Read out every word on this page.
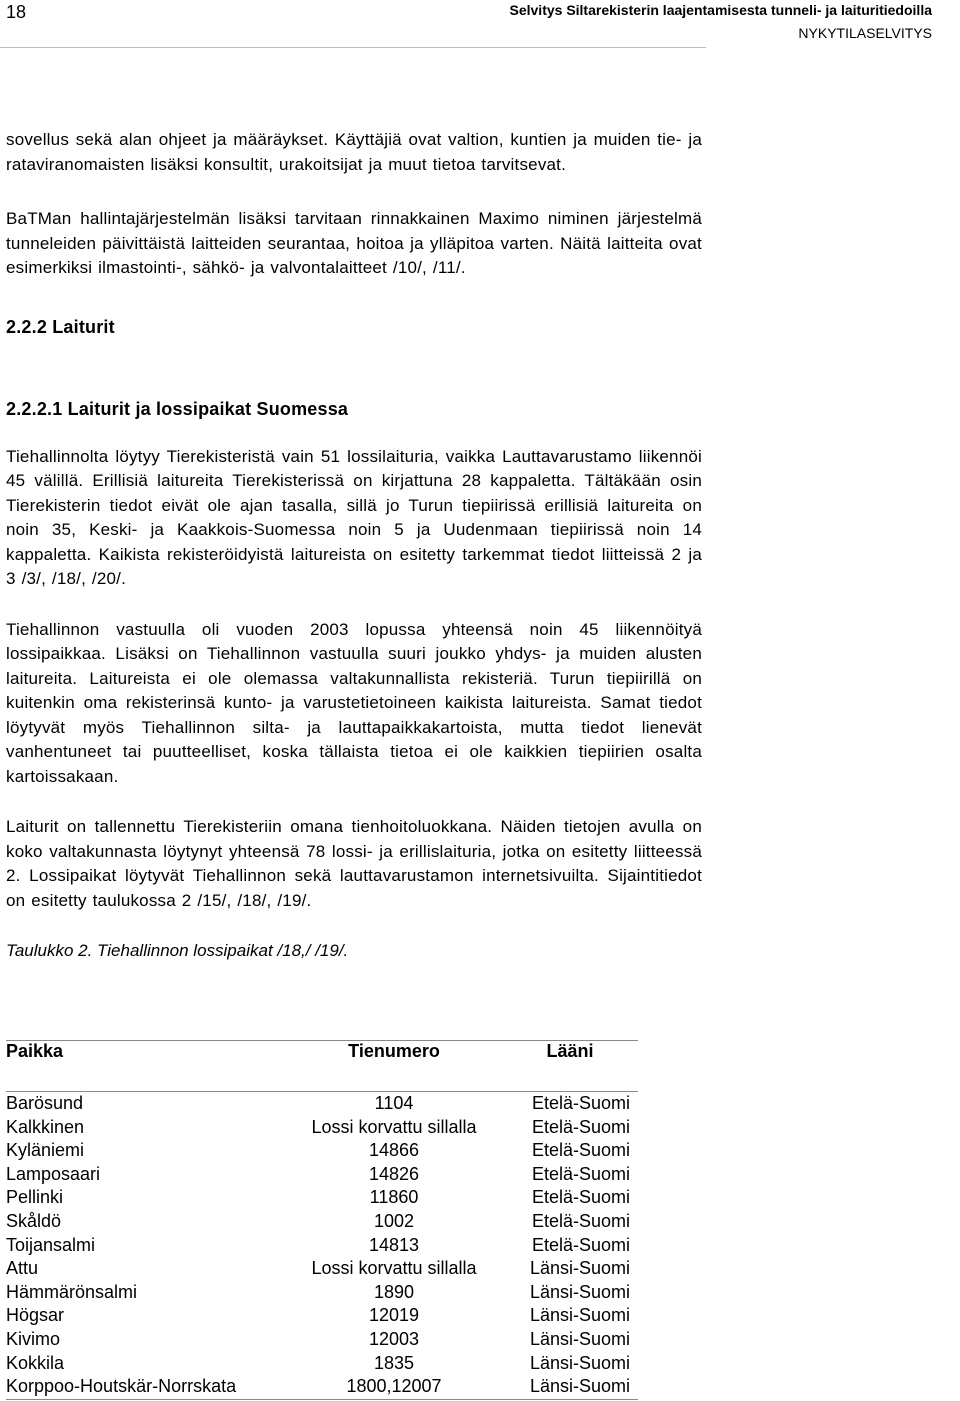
18	Selvitys Siltarekisterin laajentamisesta tunneli- ja laituritiedoilla
NYKYTILASELVITYS

sovellus sekä alan ohjeet ja määräykset. Käyttäjiä ovat valtion, kuntien ja muiden tie- ja rataviranomaisten lisäksi konsultit, urakoitsijat ja muut tietoa tarvitsevat.

BaTMan hallintajärjestelmän lisäksi tarvitaan rinnakkainen Maximo niminen järjestelmä tunneleiden päivittäistä laitteiden seurantaa, hoitoa ja ylläpitoa varten. Näitä laitteita ovat esimerkiksi ilmastointi-, sähkö- ja valvontalaitteet /10/, /11/.

2.2.2 Laiturit
2.2.2.1 Laiturit ja lossipaikat Suomessa

Tiehallinnolta löytyy Tierekisteristä vain 51 lossilaituria, vaikka Lauttavarustamo liikennöi 45 välillä. Erillisiä laitureita Tierekisterissä on kirjattuna 28 kappaletta. Tältäkään osin Tierekisterin tiedot eivät ole ajan tasalla, sillä jo Turun tiepiirissä erillisiä laitureita on noin 35, Keski- ja Kaakkois-Suomessa noin 5 ja Uudenmaan tiepiirissä noin 14 kappaletta. Kaikista rekisteröidyistä laitureista on esitetty tarkemmat tiedot liitteissä 2 ja 3 /3/, /18/, /20/.

Tiehallinnon vastuulla oli vuoden 2003 lopussa yhteensä noin 45 liikennöityä lossipaikkaa. Lisäksi on Tiehallinnon vastuulla suuri joukko yhdys- ja muiden alusten laitureita. Laitureista ei ole olemassa valtakunnallista rekisteriä. Turun tiepiirillä on kuitenkin oma rekisterinsä kunto- ja varustetietoineen kaikista laitureista. Samat tiedot löytyvät myös Tiehallinnon silta- ja lauttapaikkakartoista, mutta tiedot lienevät vanhentuneet tai puutteelliset, koska tällaista tietoa ei ole kaikkien tiepiirien osalta kartoissakaan.

Laiturit on tallennettu Tierekisteriin omana tienhoitoluokkana. Näiden tietojen avulla on koko valtakunnasta löytynyt yhteensä 78 lossi- ja erillislaituria, jotka on esitetty liitteessä 2. Lossipaikat löytyvät Tiehallinnon sekä lauttavarustamon internetsivuilta. Sijaintitiedot on esitetty taulukossa 2 /15/, /18/, /19/.

Taulukko 2. Tiehallinnon lossipaikat /18,/ /19/.

Paikka	Tienumero	Lääni

Barösund	1104	Etelä-Suomi
Kalkkinen	Lossi korvattu sillalla	Etelä-Suomi
Kyläniemi	14866	Etelä-Suomi
Lamposaari	14826	Etelä-Suomi
Pellinki	11860	Etelä-Suomi
Skåldö	1002	Etelä-Suomi
Toijansalmi	14813	Etelä-Suomi
Attu	Lossi korvattu sillalla	Länsi-Suomi
Hämmärönsalmi	1890	Länsi-Suomi
Högsar	12019	Länsi-Suomi
Kivimo	12003	Länsi-Suomi
Kokkila	1835	Länsi-Suomi
Korppoo-Houtskär-Norrskata	1800,12007	Länsi-Suomi
